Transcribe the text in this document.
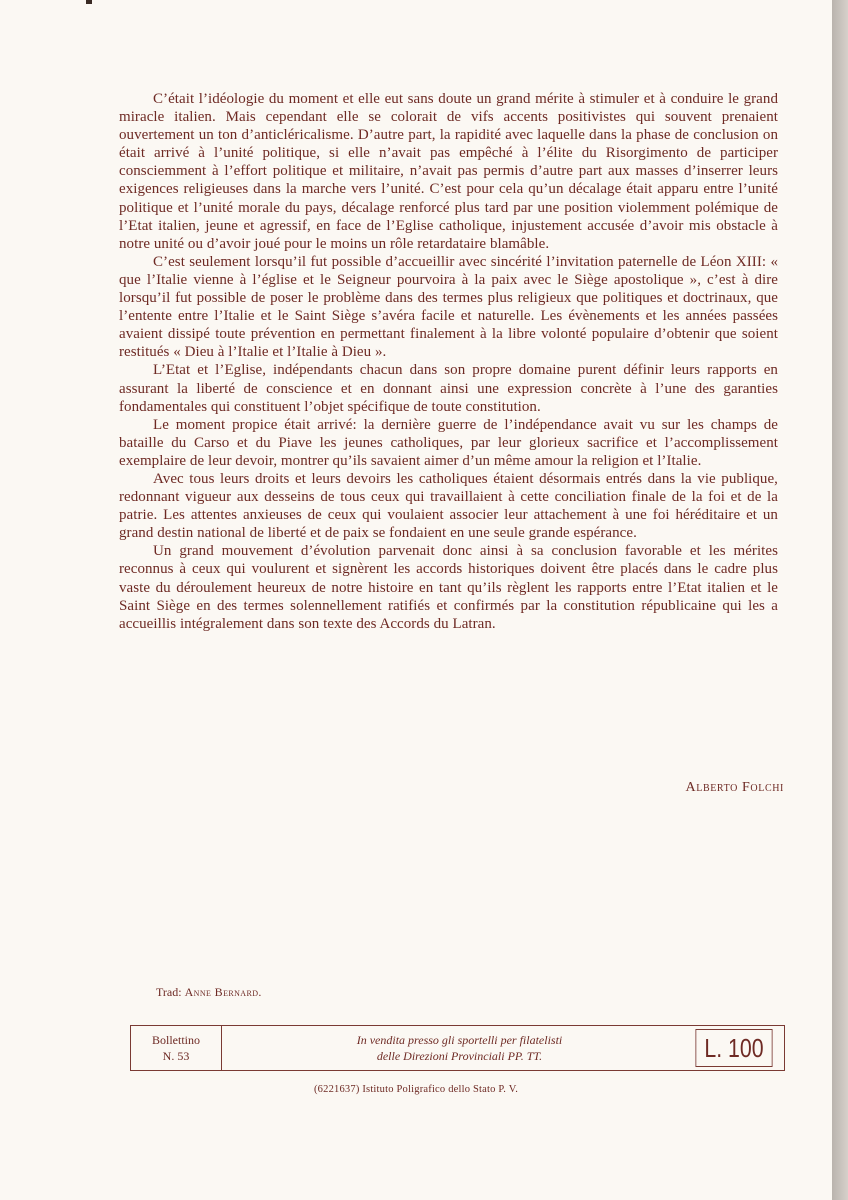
C’était l’idéologie du moment et elle eut sans doute un grand mérite à stimuler et à conduire le grand miracle italien. Mais cependant elle se colorait de vifs accents positivistes qui souvent prenaient ouvertement un ton d’anticléricalisme. D’autre part, la rapidité avec laquelle dans la phase de conclusion on était arrivé à l’unité politique, si elle n’avait pas empêché à l’élite du Risorgimento de participer consciemment à l’effort politique et militaire, n’avait pas permis d’autre part aux masses d’inserrer leurs exigences religieuses dans la marche vers l’unité. C’est pour cela qu’un décalage était apparu entre l’unité politique et l’unité morale du pays, décalage renforcé plus tard par une position violemment polémique de l’Etat italien, jeune et agressif, en face de l’Eglise catholique, injustement accusée d’avoir mis obstacle à notre unité ou d’avoir joué pour le moins un rôle retardataire blamâble.

C’est seulement lorsqu’il fut possible d’accueillir avec sincérité l’invitation paternelle de Léon XIII: « que l’Italie vienne à l’église et le Seigneur pourvoira à la paix avec le Siège apostolique », c’est à dire lorsqu’il fut possible de poser le problème dans des termes plus religieux que politiques et doctrinaux, que l’entente entre l’Italie et le Saint Siège s’avéra facile et naturelle. Les évènements et les années passées avaient dissipé toute prévention en permettant finalement à la libre volonté populaire d’obtenir que soient restitués « Dieu à l’Italie et l’Italie à Dieu ».

L’Etat et l’Eglise, indépendants chacun dans son propre domaine purent définir leurs rapports en assurant la liberté de conscience et en donnant ainsi une expression concrète à l’une des garanties fondamentales qui constituent l’objet spécifique de toute constitution.

Le moment propice était arrivé: la dernière guerre de l’indépendance avait vu sur les champs de bataille du Carso et du Piave les jeunes catholiques, par leur glorieux sacrifice et l’accomplissement exemplaire de leur devoir, montrer qu’ils savaient aimer d’un même amour la religion et l’Italie.

Avec tous leurs droits et leurs devoirs les catholiques étaient désormais entrés dans la vie publique, redonnant vigueur aux desseins de tous ceux qui travaillaient à cette conciliation finale de la foi et de la patrie. Les attentes anxieuses de ceux qui voulaient associer leur attachement à une foi héréditaire et un grand destin national de liberté et de paix se fondaient en une seule grande espérance.

Un grand mouvement d’évolution parvenait donc ainsi à sa conclusion favorable et les mérites reconnus à ceux qui voulurent et signèrent les accords historiques doivent être placés dans le cadre plus vaste du déroulement heureux de notre histoire en tant qu’ils règlent les rapports entre l’Etat italien et le Saint Siège en des termes solennellement ratifiés et confirmés par la constitution républicaine qui les a accueillis intégralement dans son texte des Accords du Latran.

Alberto Folchi
Trad: Anne Bernard.
Bollettino
N. 53
In vendita presso gli sportelli per filatelisti
delle Direzioni Provinciali PP. TT.	L. 100
(6221637) Istituto Poligrafico dello Stato P. V.
